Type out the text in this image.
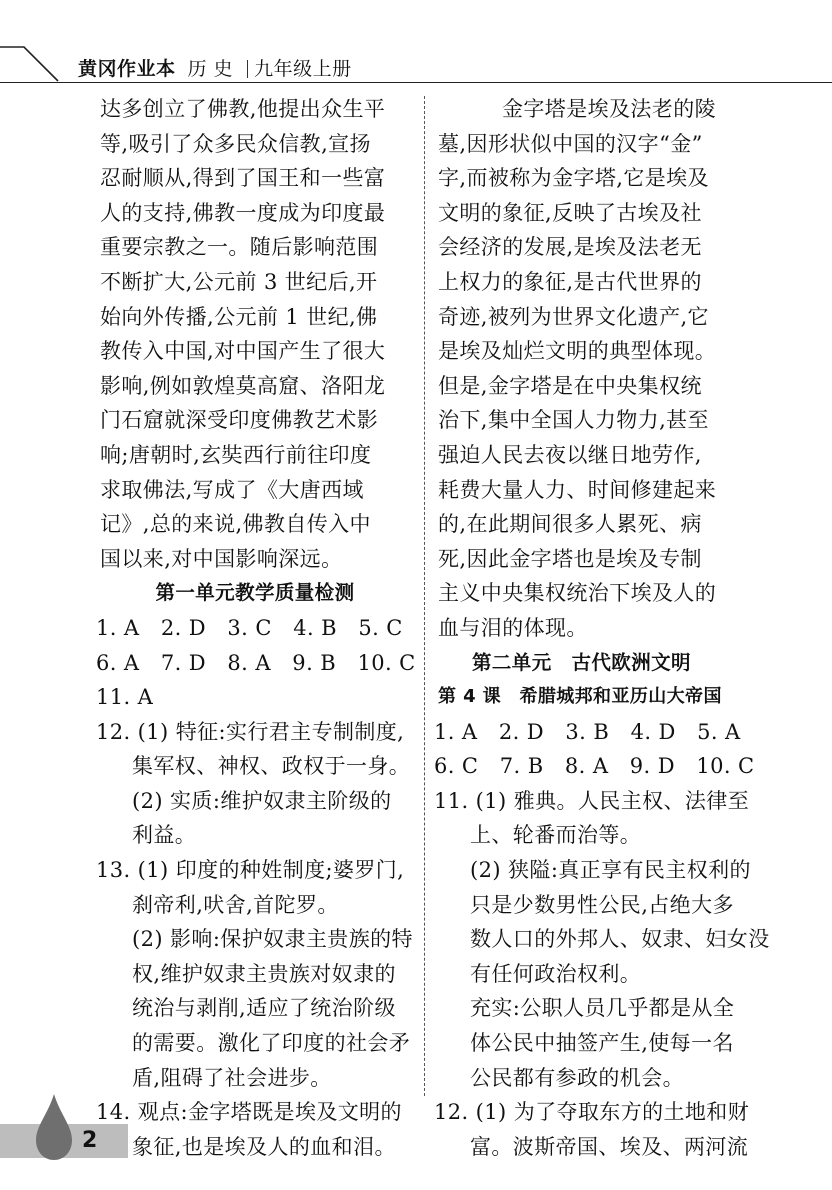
黄冈作业本 历 史 九年级上册
达多创立了佛教,他提出众生平
等,吸引了众多民众信教,宣扬
忍耐顺从,得到了国王和一些富
人的支持,佛教一度成为印度最
重要宗教之一。随后影响范围
不断扩大,公元前 3 世纪后,开
始向外传播,公元前 1 世纪,佛
教传入中国,对中国产生了很大
影响,例如敦煌莫高窟、洛阳龙
门石窟就深受印度佛教艺术影
响;唐朝时,玄奘西行前往印度
求取佛法,写成了《大唐西域
记》,总的来说,佛教自传入中
国以来,对中国影响深远。
第一单元教学质量检测
1. A　2. D　3. C　4. B　5. C
6. A　7. D　8. A　9. B　10. C
11. A
12. (1) 特征:实行君主专制制度,
集军权、神权、政权于一身。
(2) 实质:维护奴隶主阶级的
利益。
13. (1) 印度的种姓制度;婆罗门,
刹帝利,吠舍,首陀罗。
(2) 影响:保护奴隶主贵族的特
权,维护奴隶主贵族对奴隶的
统治与剥削,适应了统治阶级
的需要。激化了印度的社会矛
盾,阻碍了社会进步。
14. 观点:金字塔既是埃及文明的
象征,也是埃及人的血和泪。
金字塔是埃及法老的陵
墓,因形状似中国的汉字“金”
字,而被称为金字塔,它是埃及
文明的象征,反映了古埃及社
会经济的发展,是埃及法老无
上权力的象征,是古代世界的
奇迹,被列为世界文化遗产,它
是埃及灿烂文明的典型体现。
但是,金字塔是在中央集权统
治下,集中全国人力物力,甚至
强迫人民去夜以继日地劳作,
耗费大量人力、时间修建起来
的,在此期间很多人累死、病
死,因此金字塔也是埃及专制
主义中央集权统治下埃及人的
血与泪的体现。
第二单元　古代欧洲文明
第 4 课　希腊城邦和亚历山大帝国
1. A　2. D　3. B　4. D　5. A
6. C　7. B　8. A　9. D　10. C
11. (1) 雅典。人民主权、法律至
上、轮番而治等。
(2) 狭隘:真正享有民主权利的
只是少数男性公民,占绝大多
数人口的外邦人、奴隶、妇女没
有任何政治权利。
充实:公职人员几乎都是从全
体公民中抽签产生,使每一名
公民都有参政的机会。
12. (1) 为了夺取东方的土地和财
富。波斯帝国、埃及、两河流
2
